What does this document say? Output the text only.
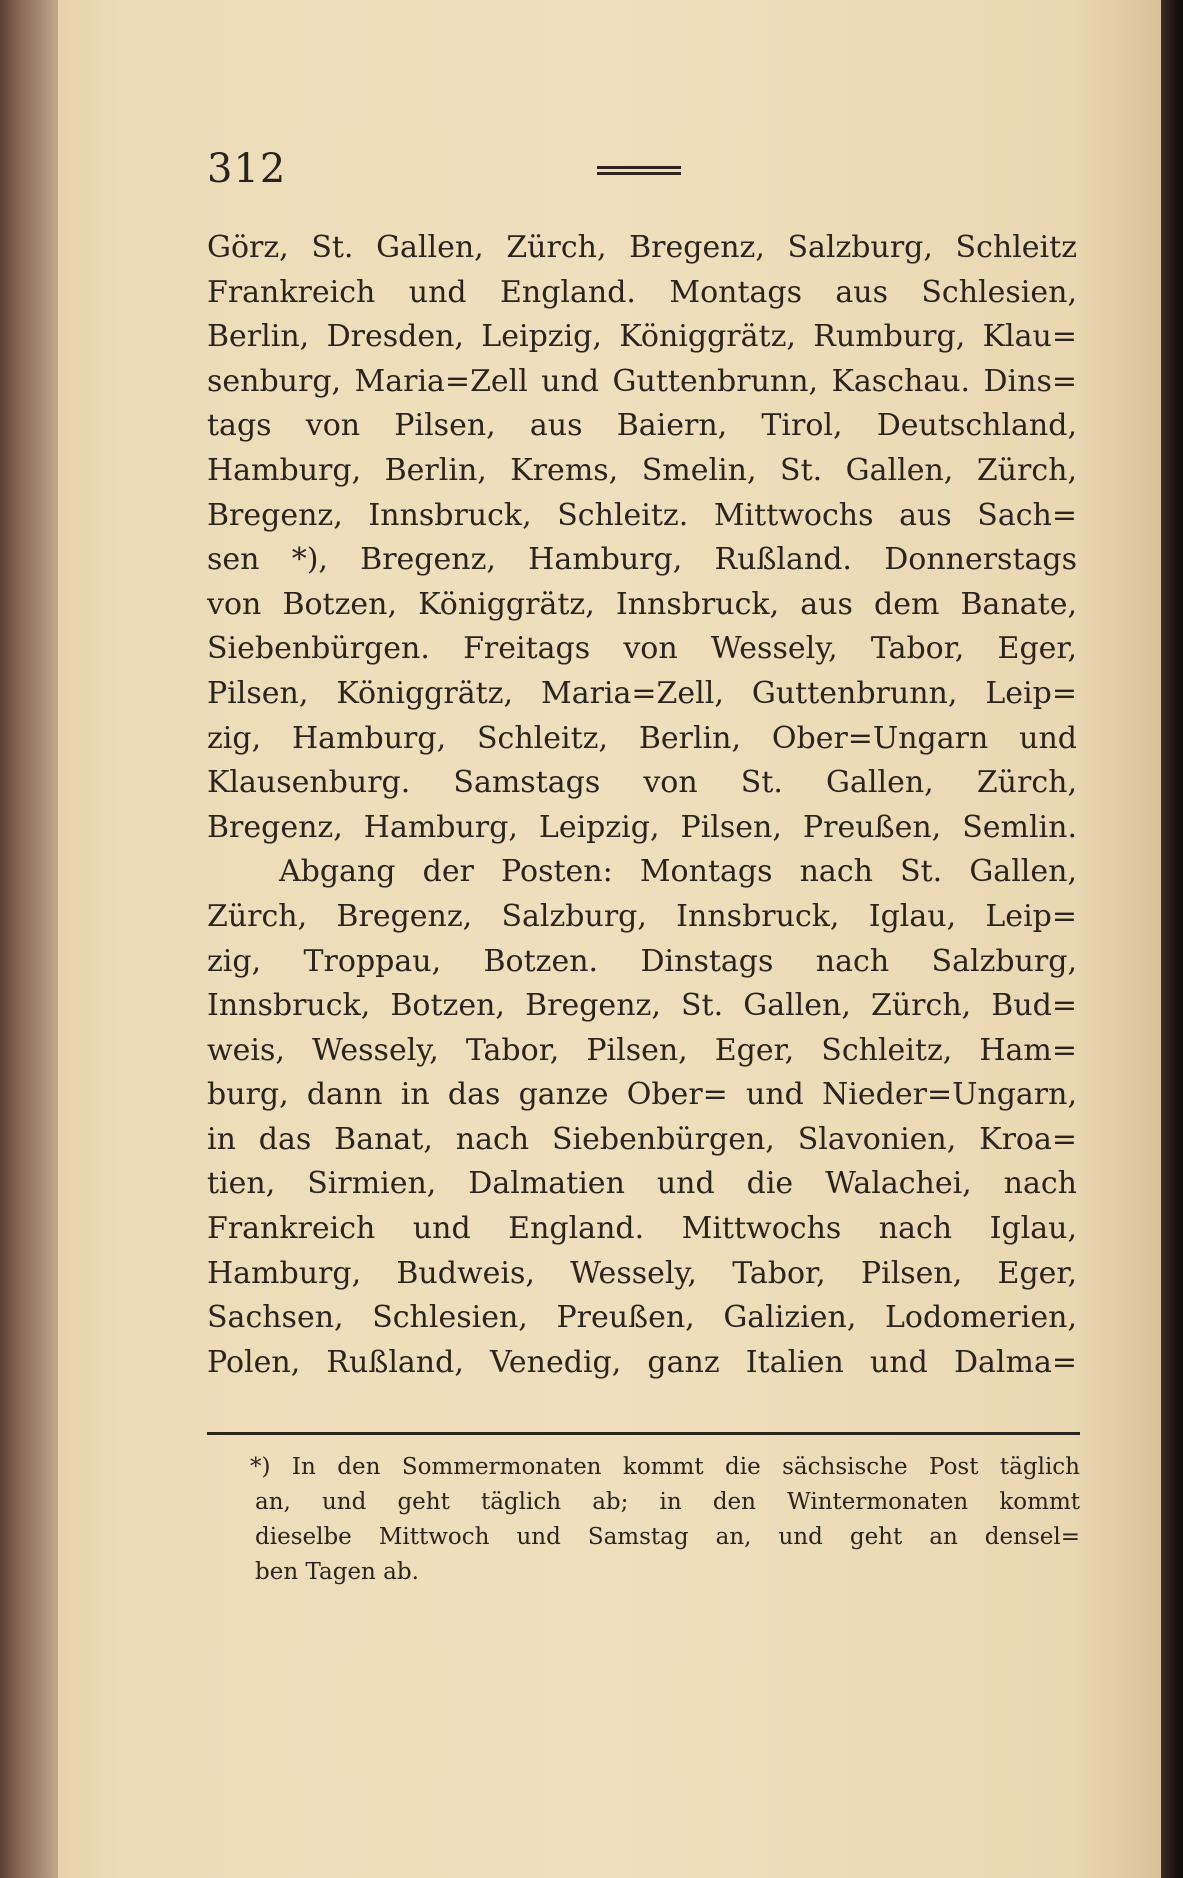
312
Görz, St. Gallen, Zürch, Bregenz, Salzburg, Schleitz
Frankreich und England. Montags aus Schlesien,
Berlin, Dresden, Leipzig, Königgrätz, Rumburg, Klau=
senburg, Maria=Zell und Guttenbrunn, Kaschau. Dins=
tags von Pilsen, aus Baiern, Tirol, Deutschland,
Hamburg, Berlin, Krems, Smelin, St. Gallen, Zürch,
Bregenz, Innsbruck, Schleitz. Mittwochs aus Sach=
sen *), Bregenz, Hamburg, Rußland. Donnerstags
von Botzen, Königgrätz, Innsbruck, aus dem Banate,
Siebenbürgen. Freitags von Wessely, Tabor, Eger,
Pilsen, Königgrätz, Maria=Zell, Guttenbrunn, Leip=
zig, Hamburg, Schleitz, Berlin, Ober=Ungarn und
Klausenburg. Samstags von St. Gallen, Zürch,
Bregenz, Hamburg, Leipzig, Pilsen, Preußen, Semlin.
Abgang der Posten: Montags nach St. Gallen,
Zürch, Bregenz, Salzburg, Innsbruck, Iglau, Leip=
zig, Troppau, Botzen. Dinstags nach Salzburg,
Innsbruck, Botzen, Bregenz, St. Gallen, Zürch, Bud=
weis, Wessely, Tabor, Pilsen, Eger, Schleitz, Ham=
burg, dann in das ganze Ober= und Nieder=Ungarn,
in das Banat, nach Siebenbürgen, Slavonien, Kroa=
tien, Sirmien, Dalmatien und die Walachei, nach
Frankreich und England. Mittwochs nach Iglau,
Hamburg, Budweis, Wessely, Tabor, Pilsen, Eger,
Sachsen, Schlesien, Preußen, Galizien, Lodomerien,
Polen, Rußland, Venedig, ganz Italien und Dalma=
*) In den Sommermonaten kommt die sächsische Post täglich
an, und geht täglich ab; in den Wintermonaten kommt
dieselbe Mittwoch und Samstag an, und geht an densel=
ben Tagen ab.
